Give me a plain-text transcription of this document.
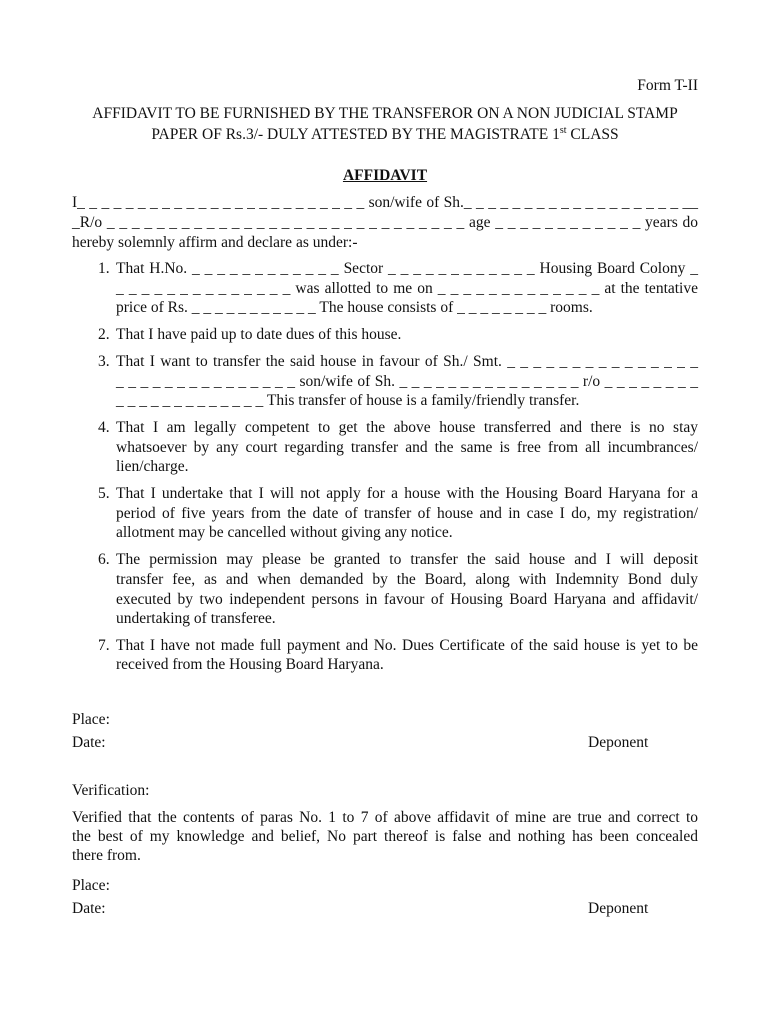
Form T-II
AFFIDAVIT TO BE FURNISHED BY THE TRANSFEROR ON A NON JUDICIAL STAMP
PAPER OF Rs.3/- DULY ATTESTED BY THE MAGISTRATE 1st CLASS
AFFIDAVIT
I_ _ _ _ _ _ _ _ _ _ _ _ _ _ _ _ _ _ _ _ _ _ _ _ son/wife of Sh._ _ _ _ _ _ _ _ _ _ _ _ _ _ _ _ _ _ __
_R/o _ _ _ _ _ _ _ _ _ _ _ _ _ _ _ _ _ _ _ _ _ _ _ _ _ _ _ _ _ age _ _ _ _ _ _ _ _ _ _ _ _ years do
hereby solemnly affirm and declare as under:-
1. That H.No. _ _ _ _ _ _ _ _ _ _ _ _ Sector _ _ _ _ _ _ _ _ _ _ _ _ Housing Board Colony _
_ _ _ _ _ _ _ _ _ _ _ _ _ _ was allotted to me on _ _ _ _ _ _ _ _ _ _ _ _ _ at the tentative
price of Rs. _ _ _ _ _ _ _ _ _ _ _ The house consists of _ _ _ _ _ _ _ _ rooms.
2. That I have paid up to date dues of this house.
3. That I want to transfer the said house in favour of Sh./ Smt. _ _ _ _ _ _ _ _ _ _ _ _ _ _ _
_ _ _ _ _ _ _ _ _ _ _ _ _ _ _ son/wife of Sh. _ _ _ _ _ _ _ _ _ _ _ _ _ _ _ r/o _ _ _ _ _ _ _ _
_ _ _ _ _ _ _ _ _ _ _ _ _ This transfer of house is a family/friendly transfer.
4. That I am legally competent to get the above house transferred and there is no stay
whatsoever by any court regarding transfer and the same is free from all incumbrances/
lien/charge.
5. That I undertake that I will not apply for a house with the Housing Board Haryana for a
period of five years from the date of transfer of house and in case I do, my registration/
allotment may be cancelled without giving any notice.
6. The permission may please be granted to transfer the said house and I will deposit
transfer fee, as and when demanded by the Board, along with Indemnity Bond duly
executed by two independent persons in favour of Housing Board Haryana and affidavit/
undertaking of transferee.
7. That I have not made full payment and No. Dues Certificate of the said house is yet to be
received from the Housing Board Haryana.
Place:
Date:	Deponent
Verification:
Verified that the contents of paras No. 1 to 7 of above affidavit of mine are true and correct to
the best of my knowledge and belief, No part thereof is false and nothing has been concealed
there from.
Place:
Date:	Deponent
